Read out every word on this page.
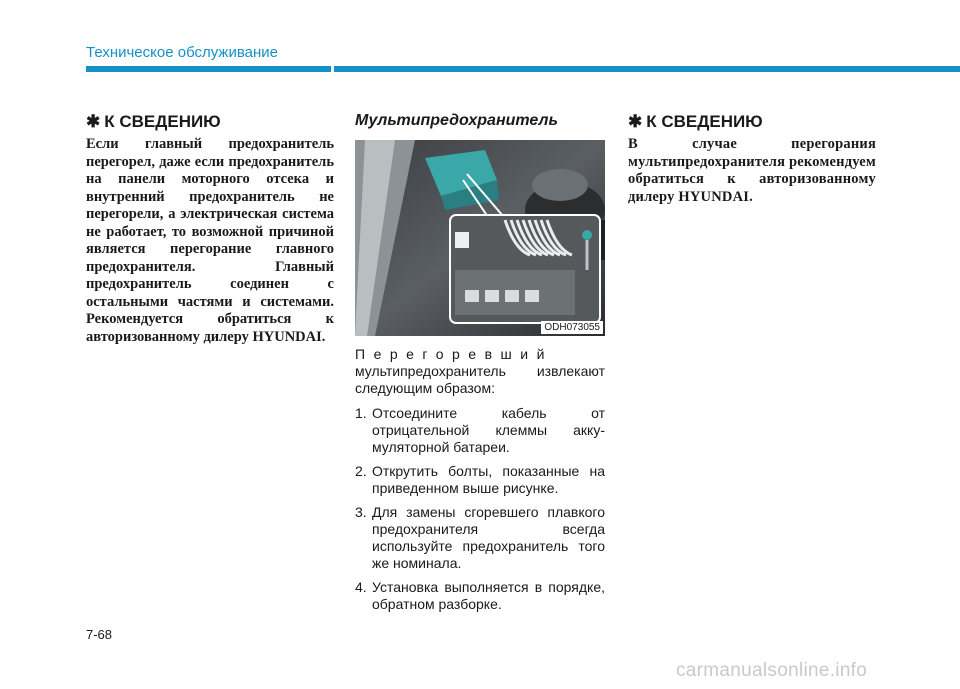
Техническое обслуживание
✱ К СВЕДЕНИЮ

Если главный предохранитель перегорел, даже если предохранитель на панели моторного отсека и внутренний предохранитель не перегорели, а электрическая система не работает, то возможной причиной является перегорание главного предохранителя. Главный предохранитель соединен с остальными частями и системами. Рекомендуется обратиться к авторизованному дилеру HYUNDAI.

Мультипредохранитель
ODH073055

Перегоревший
мультипредохранитель извлекают следующим образом:

1. Отсоедините кабель от отрицательной клеммы акку-муляторной батареи.
2. Открутить болты, показанные на приведенном выше рисунке.
3. Для замены сгоревшего плавкого предохранителя всегда используйте предохранитель того же номинала.
4. Установка выполняется в порядке, обратном разборке.
✱ К СВЕДЕНИЮ

В случае перегорания мультипредохранителя рекомендуем обратиться к авторизованному дилеру HYUNDAI.

7-68
carmanualsonline.info
